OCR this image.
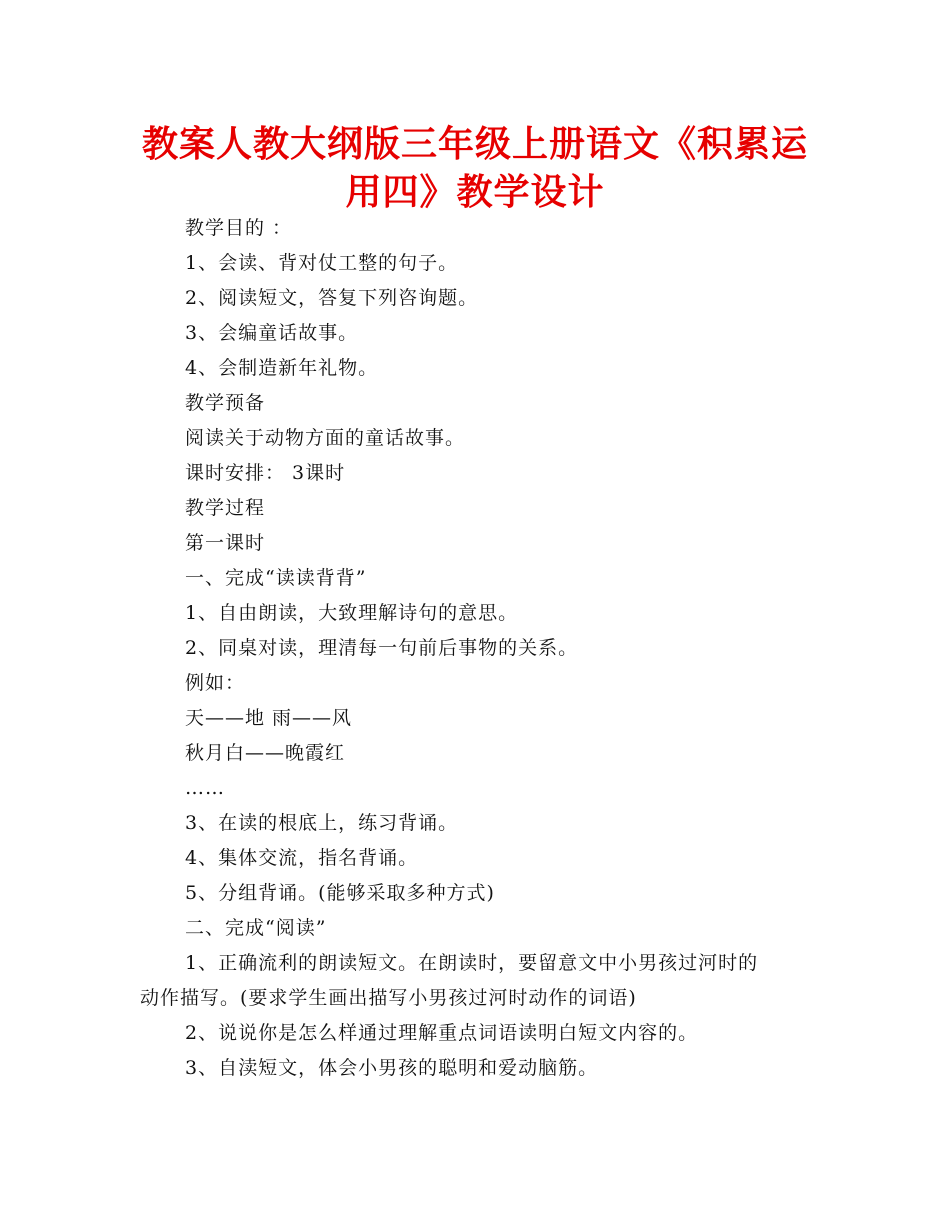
教案人教大纲版三年级上册语文《积累运
用四》教学设计
教学目的 ：
1、会读、背对仗工整的句子。
2、阅读短文，答复下列咨询题。
3、会编童话故事。
4、会制造新年礼物。
教学预备
阅读关于动物方面的童话故事。
课时安排： 3课时
教学过程
第一课时
一、完成“读读背背”
1、自由朗读，大致理解诗句的意思。
2、同桌对读，理清每一句前后事物的关系。
例如：
天——地 雨——风
秋月白——晚霞红
……
3、在读的根底上，练习背诵。
4、集体交流，指名背诵。
5、分组背诵。(能够采取多种方式)
二、完成“阅读”
1、正确流利的朗读短文。在朗读时，要留意文中小男孩过河时的
动作描写。(要求学生画出描写小男孩过河时动作的词语)
2、说说你是怎么样通过理解重点词语读明白短文内容的。
3、自渎短文，体会小男孩的聪明和爱动脑筋。
